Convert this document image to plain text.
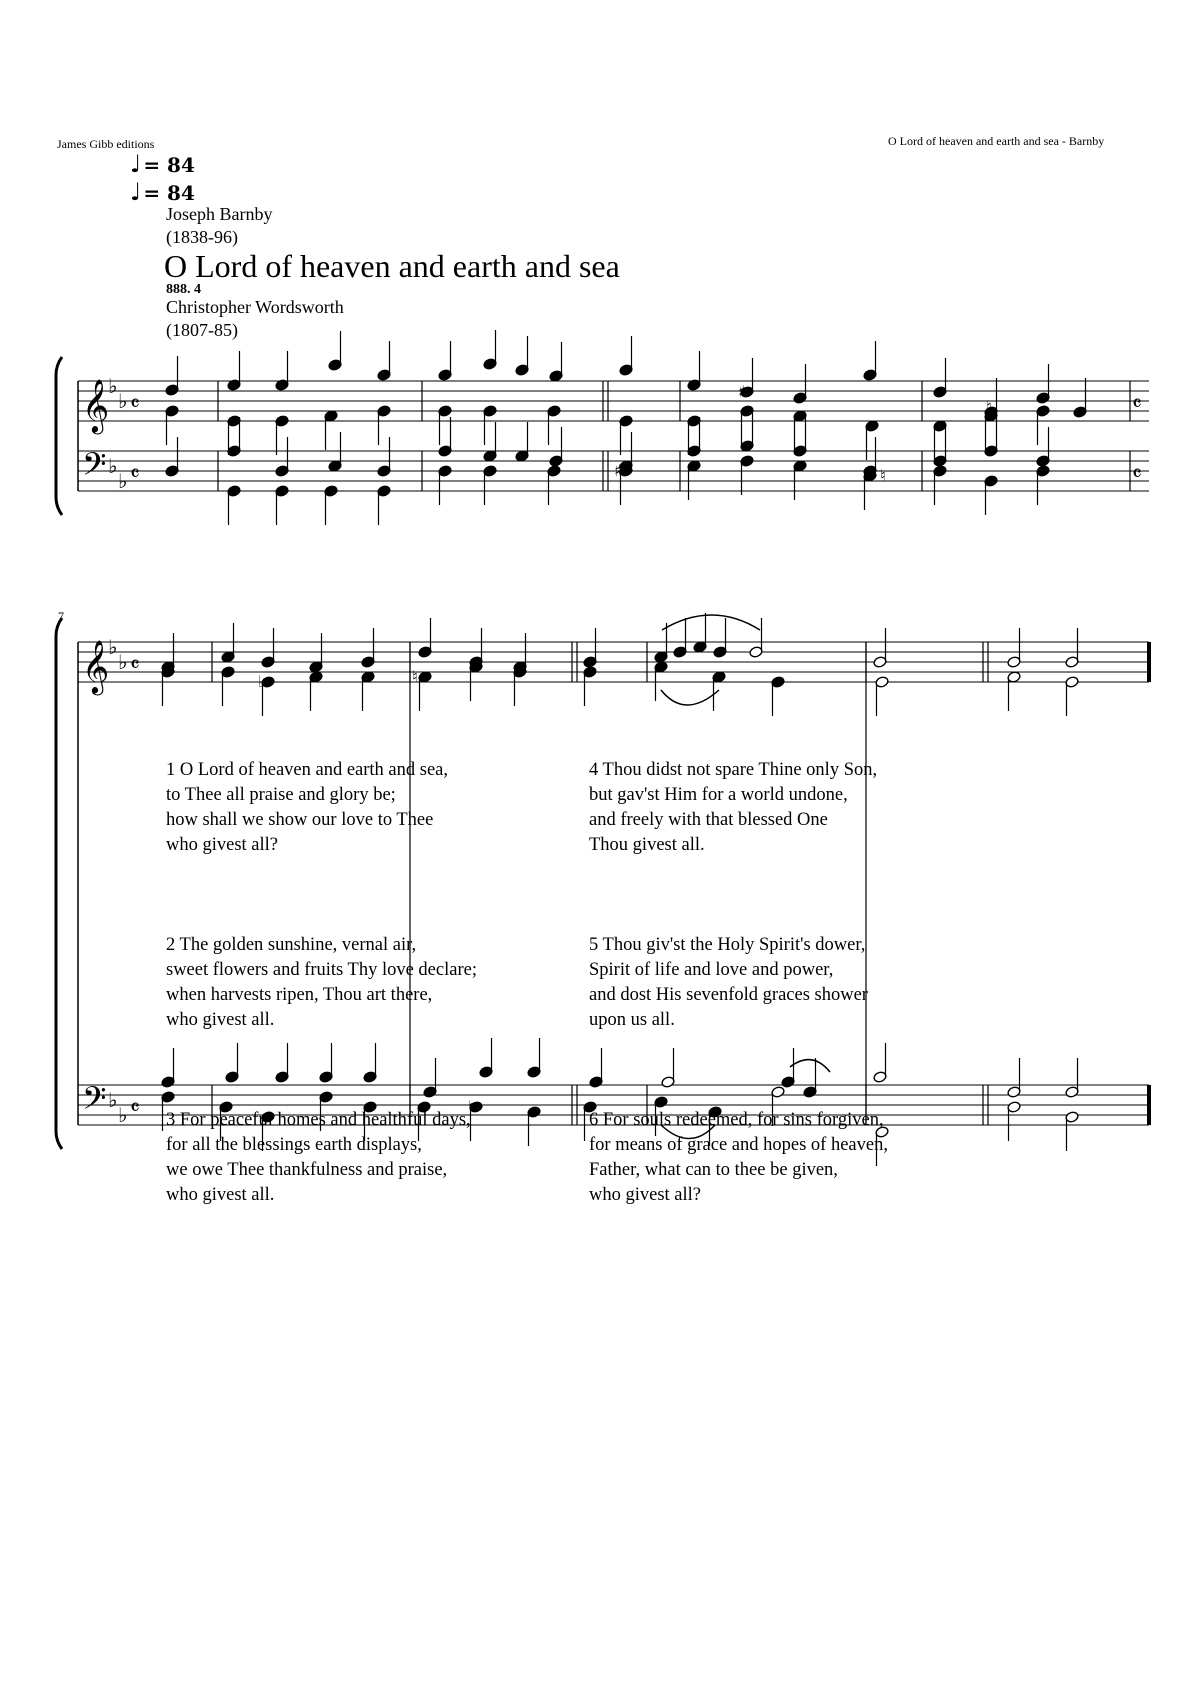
James Gibb editions	O Lord of heaven and earth and sea - Barnby
♩ = 84
♩ = 84
Joseph Barnby
(1838-96)
O Lord of heaven and earth and sea
888. 4
Christopher Wordsworth
(1807-85)
7
𝄞
𝄢
♭
♭
♭
♭
𝄴
𝄴
♯
♯
♮
♮
𝄴
𝄴
𝄞
𝄢
♭
♭
♭
♭
𝄴
𝄴
♭	♮
♮

1 O Lord of heaven and earth and sea,
to Thee all praise and glory be;
how shall we show our love to Thee
who givest all?

2 The golden sunshine, vernal air,
sweet flowers and fruits Thy love declare;
when harvests ripen, Thou art there,
who givest all.

3 For peaceful homes and healthful days,
for all the blessings earth displays,
we owe Thee thankfulness and praise,
who givest all.

4 Thou didst not spare Thine only Son,
but gav'st Him for a world undone,
and freely with that blessed One
Thou givest all.

5 Thou giv'st the Holy Spirit's dower,
Spirit of life and love and power,
and dost His sevenfold graces shower
upon us all.

6 For souls redeemed, for sins forgiven,
for means of grace and hopes of heaven,
Father, what can to thee be given,
who givest all?
